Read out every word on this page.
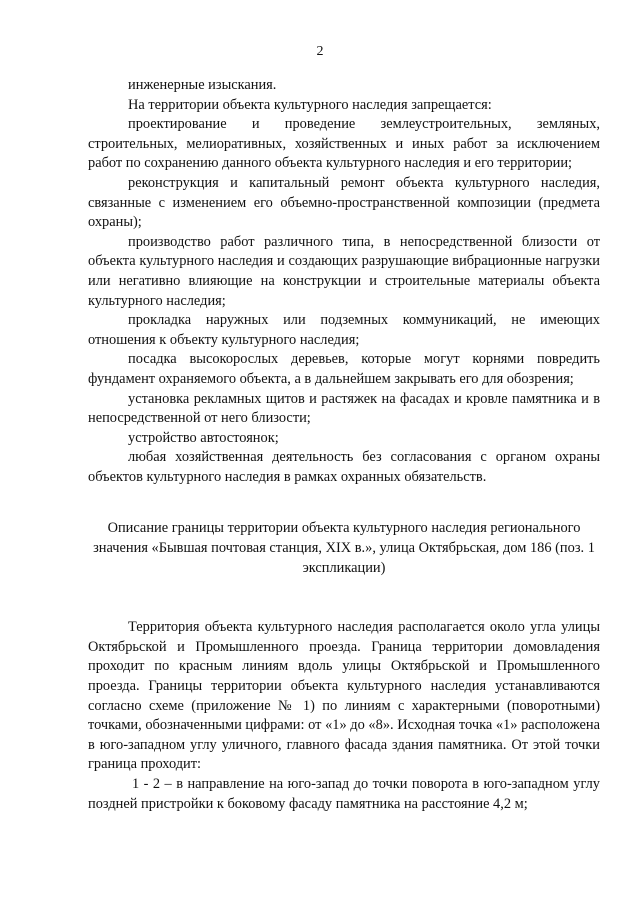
2

инженерные изыскания.

На территории объекта культурного наследия запрещается:

проектирование и проведение землеустроительных, земляных, строительных, мелиоративных, хозяйственных и иных работ за исключением работ по сохранению данного объекта культурного наследия и его территории;

реконструкция и капитальный ремонт объекта культурного наследия, связанные с изменением его объемно-пространственной композиции (предмета охраны);

производство работ различного типа, в непосредственной близости от объекта культурного наследия и создающих разрушающие вибрационные нагрузки или негативно влияющие на конструкции и строительные материалы объекта культурного наследия;

прокладка наружных или подземных коммуникаций, не имеющих отношения к объекту культурного наследия;

посадка высокорослых деревьев, которые могут корнями повредить фундамент охраняемого объекта, а в дальнейшем закрывать его для обозрения;

установка рекламных щитов и растяжек на фасадах и кровле памятника и в непосредственной от него близости;

устройство автостоянок;

любая хозяйственная деятельность без согласования с органом охраны объектов культурного наследия в рамках охранных обязательств.

Описание границы территории объекта культурного наследия регионального значения «Бывшая почтовая станция, XIX в.», улица Октябрьская, дом 186 (поз. 1 экспликации)

Территория объекта культурного наследия располагается около угла улицы Октябрьской и Промышленного проезда. Граница территории домовладения проходит по красным линиям вдоль улицы Октябрьской и Промышленного проезда. Границы территории объекта культурного наследия устанавливаются согласно схеме (приложение № 1) по линиям с характерными (поворотными) точками, обозначенными цифрами: от «1» до «8». Исходная точка «1» расположена в юго-западном углу уличного, главного фасада здания памятника. От этой точки граница проходит:

1 - 2 – в направление на юго-запад до точки поворота в юго-западном углу поздней пристройки к боковому фасаду памятника на расстояние 4,2 м;
